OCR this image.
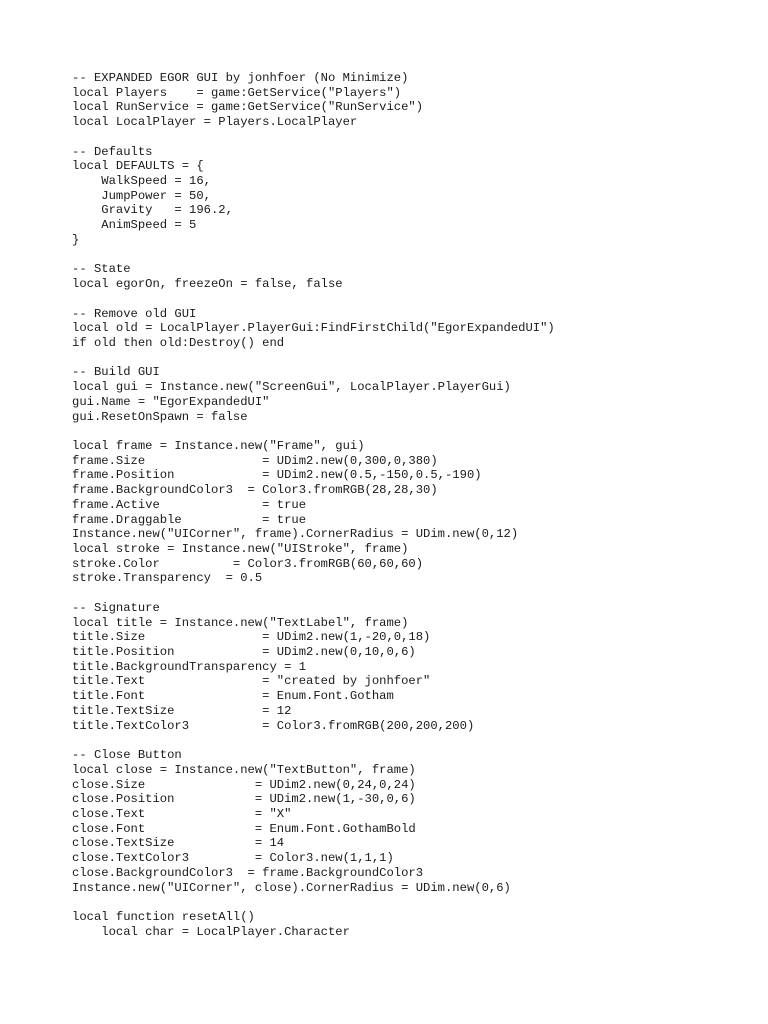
-- EXPANDED EGOR GUI by jonhfoer (No Minimize)
local Players    = game:GetService("Players")
local RunService = game:GetService("RunService")
local LocalPlayer = Players.LocalPlayer

-- Defaults
local DEFAULTS = {
WalkSpeed = 16,
JumpPower = 50,
Gravity   = 196.2,
AnimSpeed = 5
}

-- State
local egorOn, freezeOn = false, false

-- Remove old GUI
local old = LocalPlayer.PlayerGui:FindFirstChild("EgorExpandedUI")
if old then old:Destroy() end

-- Build GUI
local gui = Instance.new("ScreenGui", LocalPlayer.PlayerGui)
gui.Name = "EgorExpandedUI"
gui.ResetOnSpawn = false

local frame = Instance.new("Frame", gui)
frame.Size                = UDim2.new(0,300,0,380)
frame.Position            = UDim2.new(0.5,-150,0.5,-190)
frame.BackgroundColor3  = Color3.fromRGB(28,28,30)
frame.Active              = true
frame.Draggable           = true
Instance.new("UICorner", frame).CornerRadius = UDim.new(0,12)
local stroke = Instance.new("UIStroke", frame)
stroke.Color          = Color3.fromRGB(60,60,60)
stroke.Transparency  = 0.5

-- Signature
local title = Instance.new("TextLabel", frame)
title.Size                = UDim2.new(1,-20,0,18)
title.Position            = UDim2.new(0,10,0,6)
title.BackgroundTransparency = 1
title.Text                = "created by jonhfoer"
title.Font                = Enum.Font.Gotham
title.TextSize            = 12
title.TextColor3          = Color3.fromRGB(200,200,200)

-- Close Button
local close = Instance.new("TextButton", frame)
close.Size               = UDim2.new(0,24,0,24)
close.Position           = UDim2.new(1,-30,0,6)
close.Text               = "X"
close.Font               = Enum.Font.GothamBold
close.TextSize           = 14
close.TextColor3         = Color3.new(1,1,1)
close.BackgroundColor3  = frame.BackgroundColor3
Instance.new("UICorner", close).CornerRadius = UDim.new(0,6)

local function resetAll()
local char = LocalPlayer.Character
